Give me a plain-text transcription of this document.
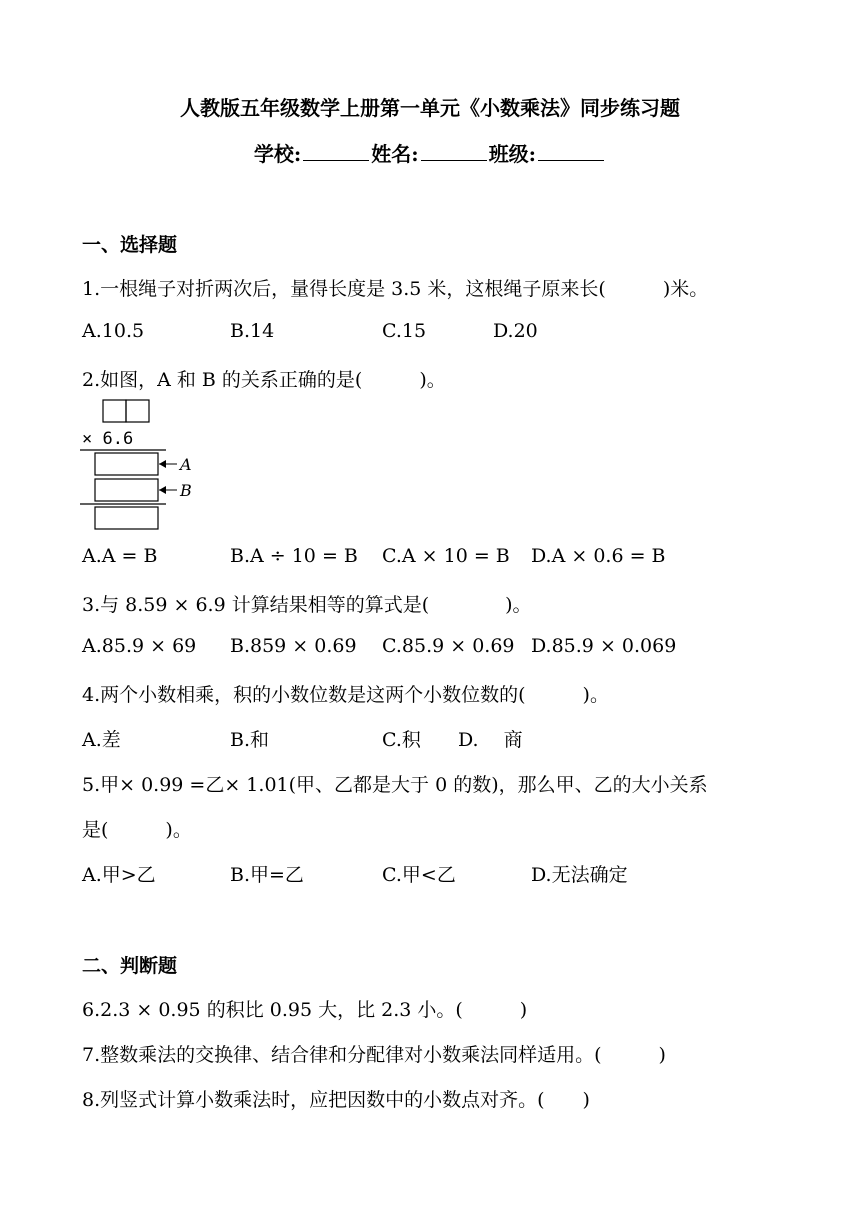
人教版五年级数学上册第一单元《小数乘法》同步练习题
学校:	姓名:	班级:
一、选择题
1.一根绳子对折两次后，量得长度是 3.5 米，这根绳子原来长(　　　)米。
A.10.5	B.14	C.15	D.20
2.如图，A 和 B 的关系正确的是(　　　)。
× 6.6
A
B
A.A = B	B.A ÷ 10 = B C.A × 10 = B D.A × 0.6 = B
3.与 8.59 × 6.9 计算结果相等的算式是(　　　　)。
A.85.9 × 69 B.859 × 0.69 C.85.9 × 0.69 D.85.9 × 0.069
4.两个小数相乘，积的小数位数是这两个小数位数的(　　　)。
A.差	B.和	C.积 D.　 商
5.甲× 0.99 =乙× 1.01(甲、乙都是大于 0 的数)，那么甲、乙的大小关系
是(　　　)。
A.甲>乙	B.甲=乙	C.甲<乙	D.无法确定
二、判断题
6.2.3 × 0.95 的积比 0.95 大，比 2.3 小。(　　　)
7.整数乘法的交换律、结合律和分配律对小数乘法同样适用。(　　　)
8.列竖式计算小数乘法时，应把因数中的小数点对齐。(　　)
